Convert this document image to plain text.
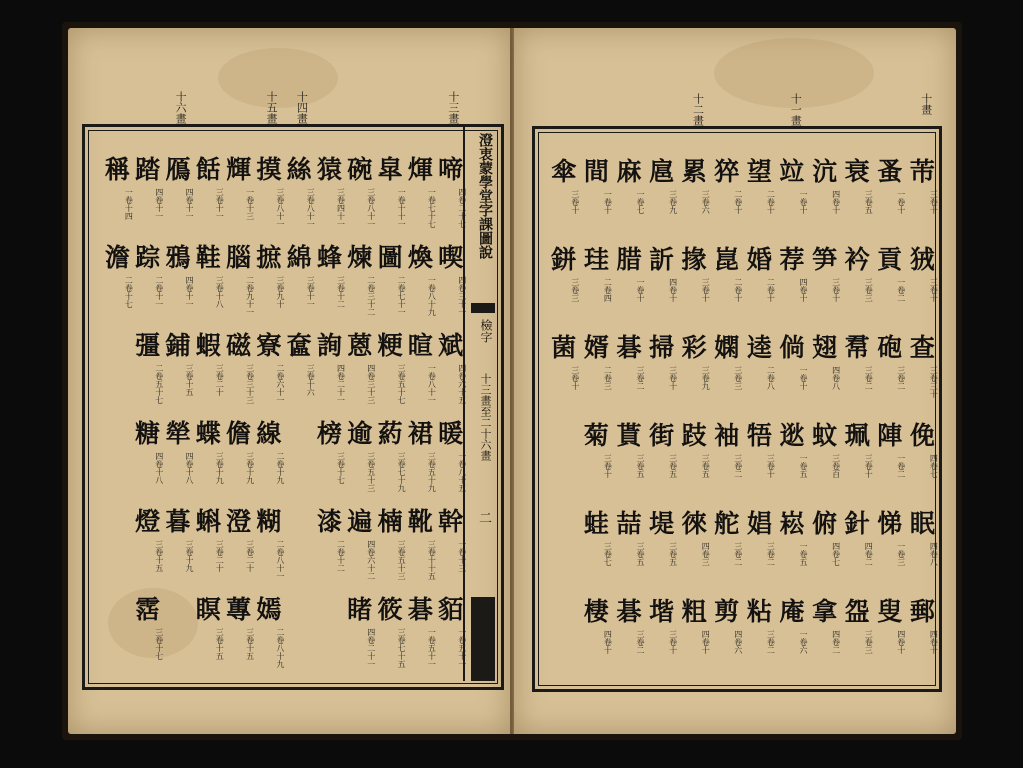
啼
四卷二十七
喫
四卷三十一
斌
四卷六十五
暖
一卷八十五
幹
一卷十三
貊
一卷五十一
煇
一卷七十七
煥
一卷八十九
暄
一卷八十一
裙
三卷五十九
靴
三卷十十五
碁
一卷五十一
皐
一卷十十一
圖
二卷七十一
粳
三卷五十七
葯
三卷七十九
楠
三卷五十三
筱
三卷七十五
碗
三卷八十一
煉
二卷三十二
蒽
四卷三十三
逾
三卷五十三
遍
四卷六十二
睹
四卷二十一
猿
三卷四十一
蜂
三卷十二
詢
四卷二十一
榜
三卷十七
漆
二卷十二
絲
三卷八十一
綿
三卷十一
奩
三卷十六
摸
三卷八十一
摭
三卷九十
寮
二卷六十一
線
二卷十九
糊
二卷八十一
嫣
二卷八十九
輝
一卷十三
腦
二卷九十一
磁
三卷三十三
儋
三卷十九
澄
三卷二十
蓴
三卷十五
餂
三卷十一
鞋
三卷十八
蝦
三卷二十
蝶
三卷十九
蝌
三卷二十
瞑
三卷十五
鴈
四卷十一
鴉
四卷十一
鋪
三卷十五
犖
四卷十八
暮
三卷十九
踏
四卷十一
踪
二卷十一
彊
二卷五十七
糖
四卷十八
燈
三卷十五
霑
三卷十七
稱
一卷十四
澹
二卷十七
十三畫
十四畫
十五畫
十六畫
澄衷蒙學堂字課圖說
檢字
十三畫至二十六畫
二
芾
三卷十
狨
三卷十
查
三卷三十
俛
四卷七
眠
四卷八
郵
四卷十
蚤
一卷十
貢
一卷二
砲
三卷二
陣
一卷二
悌
一卷三
叟
四卷十
衰
三卷五
衿
三卷三
帬
三卷二
珮
三卷十
針
四卷二
盌
三卷三
沆
四卷十
笋
三卷十
翅
四卷八
蚊
三卷百
俯
四卷七
拿
四卷二
竝
一卷十
荐
四卷十
倘
一卷十
逖
一卷五
崧
一卷五
庵
一卷六
望
二卷十
婚
二卷十
逵
二卷八
牾
三卷十
娼
三卷二
粘
三卷二
猝
二卷十
崑
二卷十
嫻
三卷三
袖
三卷二
舵
三卷二
剪
四卷六
累
三卷六
掾
三卷十
彩
三卷九
跂
三卷五
徠
四卷三
粗
四卷十
扈
三卷九
訢
四卷十
掃
三卷十
街
三卷五
堤
三卷五
堦
三卷十
麻
一卷七
腊
一卷十
碁
三卷二
貰
三卷五
喆
三卷五
碁
三卷二
間
一卷十
珪
二卷四
婿
二卷三
菊
三卷十
蛙
三卷七
棲
四卷十
傘
三卷十
鉼
三卷三
菌
三卷十
十畫
十一畫
十二畫
